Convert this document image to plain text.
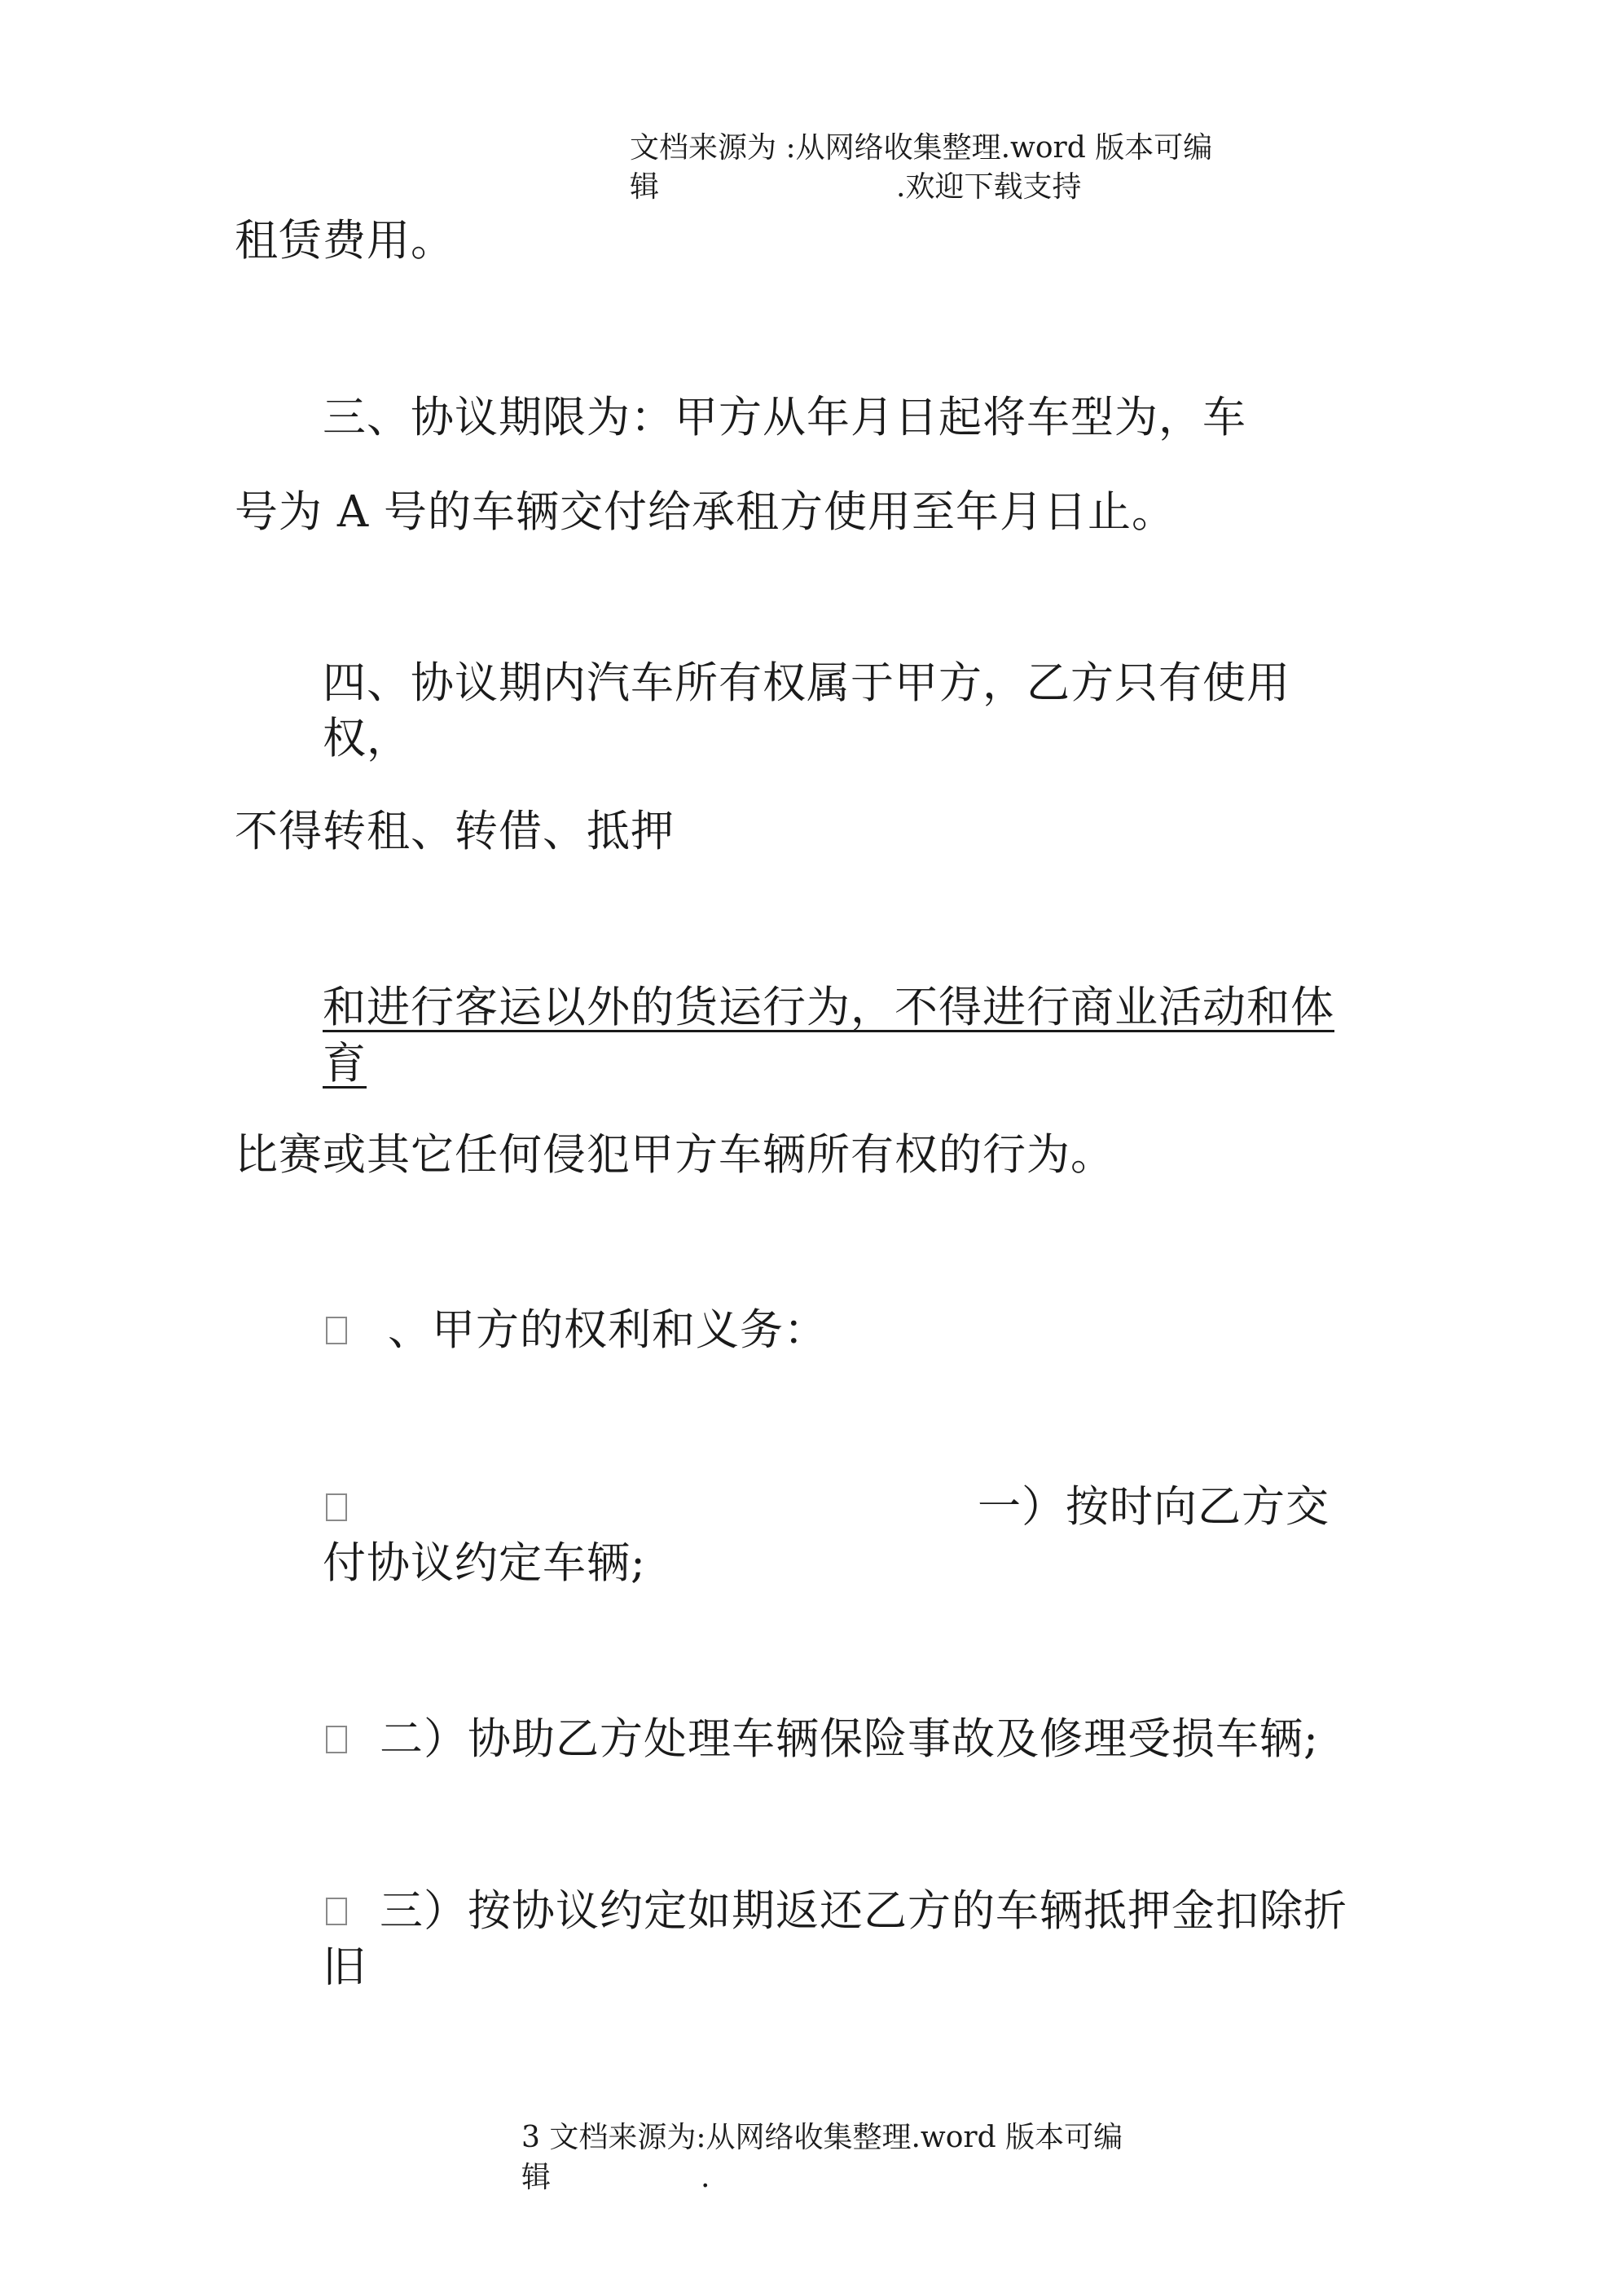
文档来源为 :从网络收集整理.word 版本可编
辑	.欢迎下载支持
租赁费用。
三、协议期限为：甲方从年月日起将车型为，车
号为 A 号的车辆交付给承租方使用至年月日止。
四、协议期内汽车所有权属于甲方，乙方只有使用
权，
不得转租、转借、抵押
和进行客运以外的货运行为，不得进行商业活动和体
育
比赛或其它任何侵犯甲方车辆所有权的行为。
、甲方的权利和义务：
一）按时向乙方交
付协议约定车辆;
二）协助乙方处理车辆保险事故及修理受损车辆;
三）按协议约定如期返还乙方的车辆抵押金扣除折
旧
3 文档来源为:从网络收集整理.word 版本可编
辑	.
